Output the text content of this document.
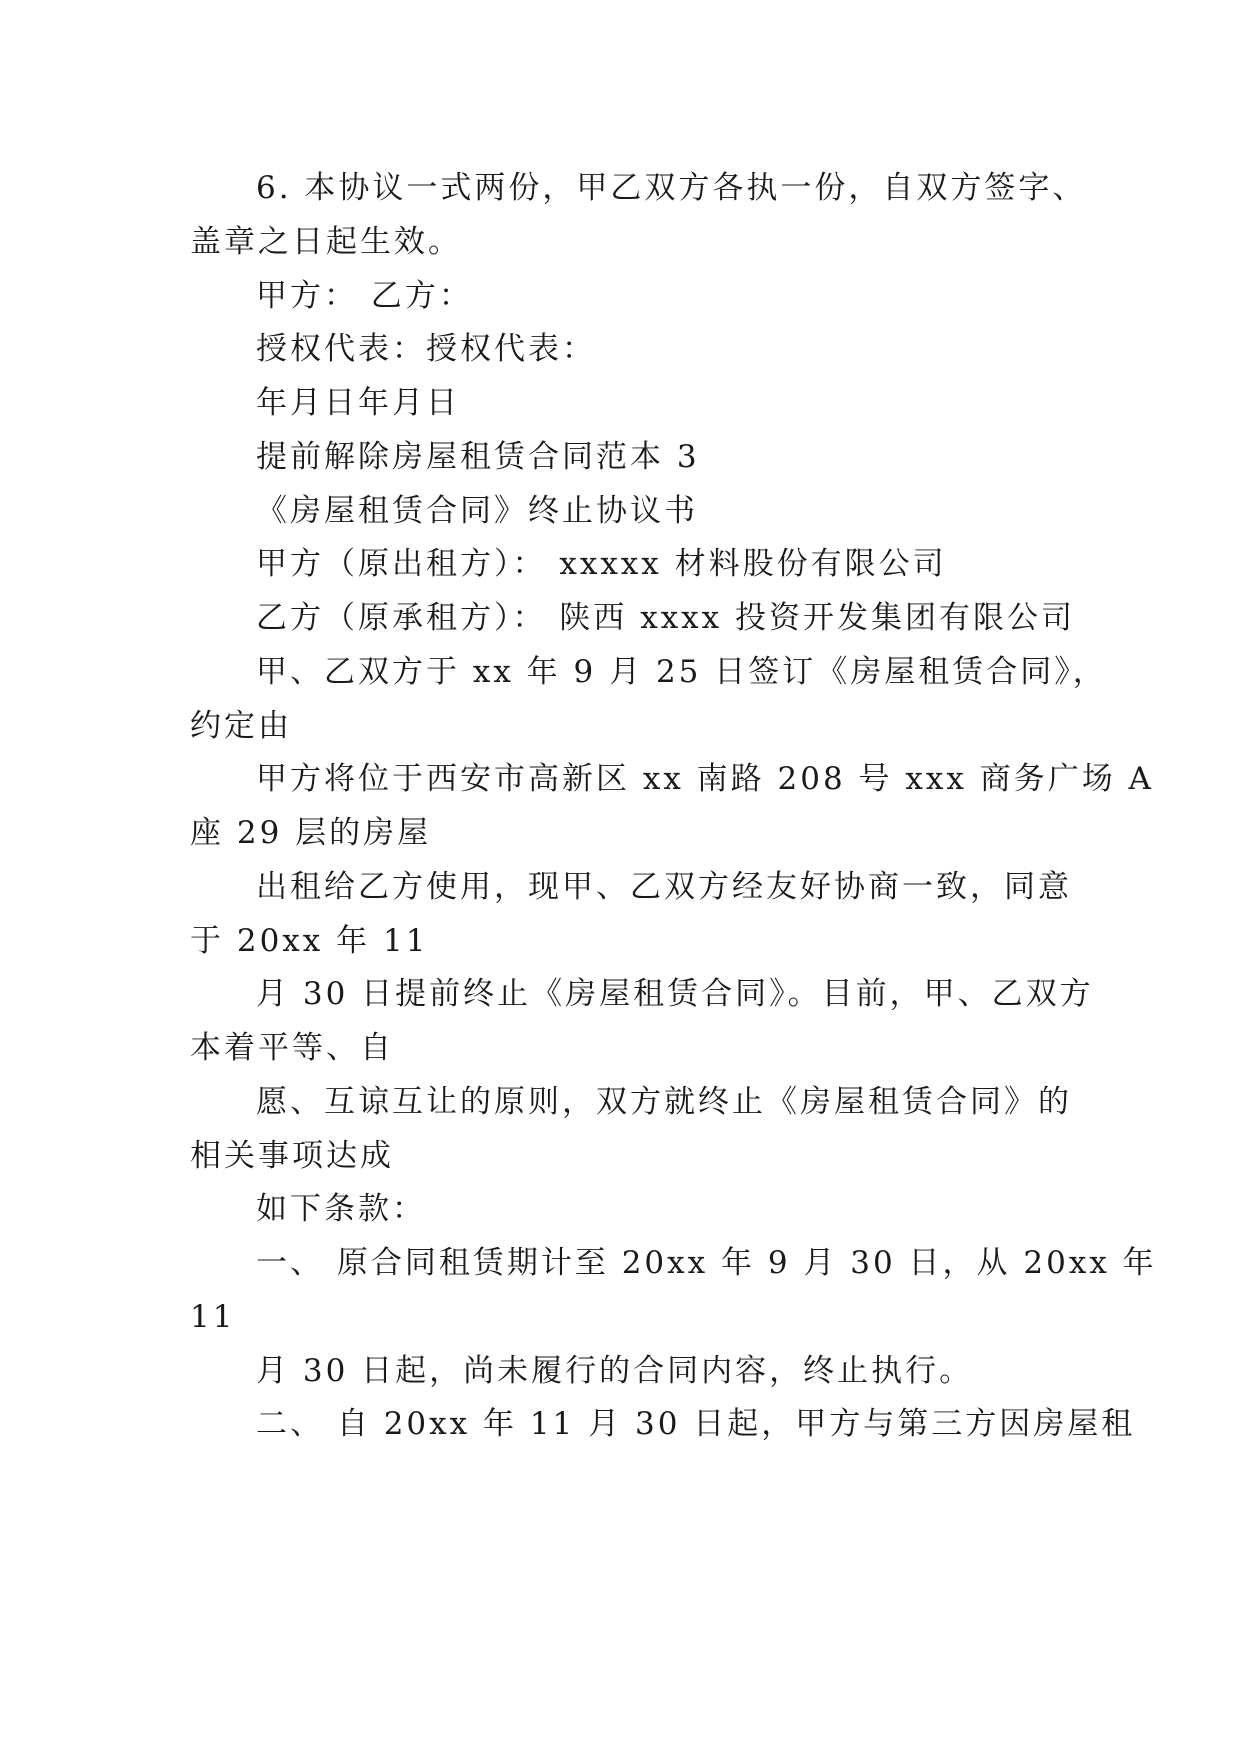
6. 本协议一式两份，甲乙双方各执一份，自双方签字、
盖章之日起生效。
甲方： 乙方：
授权代表：授权代表：
年月日年月日
提前解除房屋租赁合同范本 3
《房屋租赁合同》终止协议书
甲方（原出租方）： xxxxx 材料股份有限公司
乙方（原承租方）： 陕西 xxxx 投资开发集团有限公司
甲、乙双方于 xx 年 9 月 25 日签订《房屋租赁合同》，
约定由
甲方将位于西安市高新区 xx 南路 208 号 xxx 商务广场 A
座 29 层的房屋
出租给乙方使用，现甲、乙双方经友好协商一致，同意
于 20xx 年 11
月 30 日提前终止《房屋租赁合同》。目前，甲、乙双方
本着平等、自
愿、互谅互让的原则，双方就终止《房屋租赁合同》的
相关事项达成
如下条款：
一、 原合同租赁期计至 20xx 年 9 月 30 日，从 20xx 年
11
月 30 日起，尚未履行的合同内容，终止执行。
二、 自 20xx 年 11 月 30 日起，甲方与第三方因房屋租
